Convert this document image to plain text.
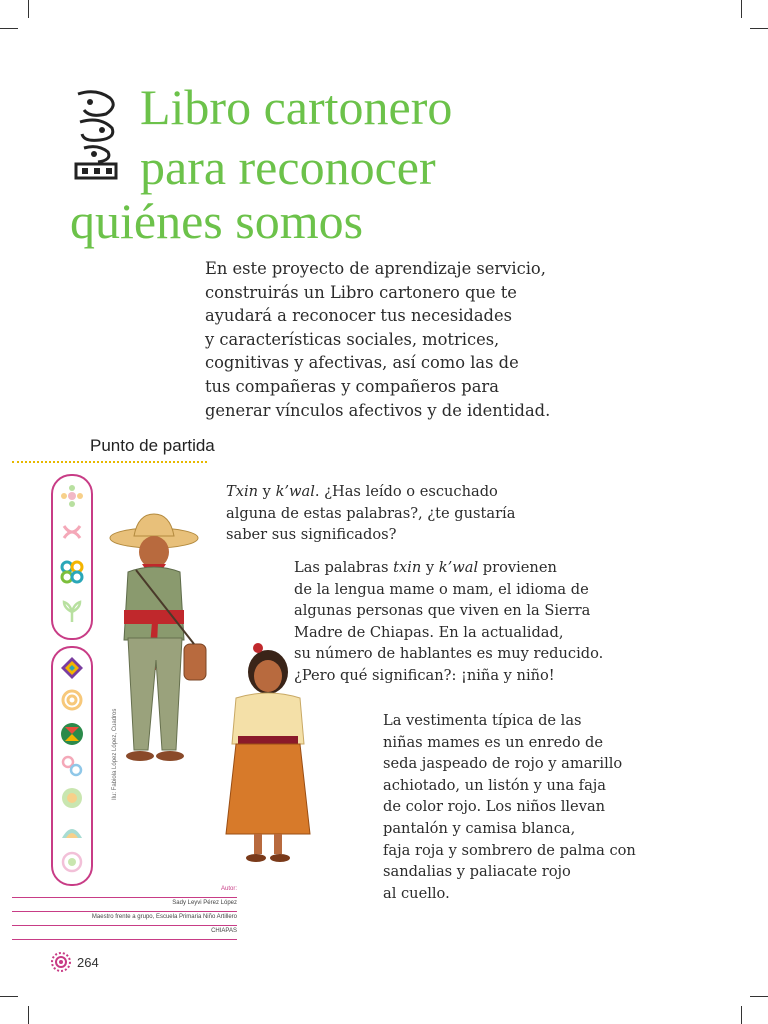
Libro cartonero
para reconocer
quiénes somos
En este proyecto de aprendizaje servicio,
construirás un Libro cartonero que te
ayudará a reconocer tus necesidades
y características sociales, motrices,
cognitivas y afectivas, así como las de
tus compañeras y compañeros para
generar vínculos afectivos y de identidad.
Punto de partida
Ilu: Fabiola López López, Cuadros
Txin y k’wal. ¿Has leído o escuchado
alguna de estas palabras?, ¿te gustaría
saber sus significados?
Las palabras txin y k’wal provienen
de la lengua mame o mam, el idioma de
algunas personas que viven en la Sierra
Madre de Chiapas. En la actualidad,
su número de hablantes es muy reducido.
¿Pero qué significan?: ¡niña y niño!
La vestimenta típica de las
niñas mames es un enredo de
seda jaspeado de rojo y amarillo
achiotado, un listón y una faja
de color rojo. Los niños llevan
pantalón y camisa blanca,
faja roja y sombrero de palma con
sandalias y paliacate rojo
al cuello.
Autor:
Sady Leyvi Pérez López
Maestro frente a grupo, Escuela Primaria Niño Artillero
CHIAPAS
264
